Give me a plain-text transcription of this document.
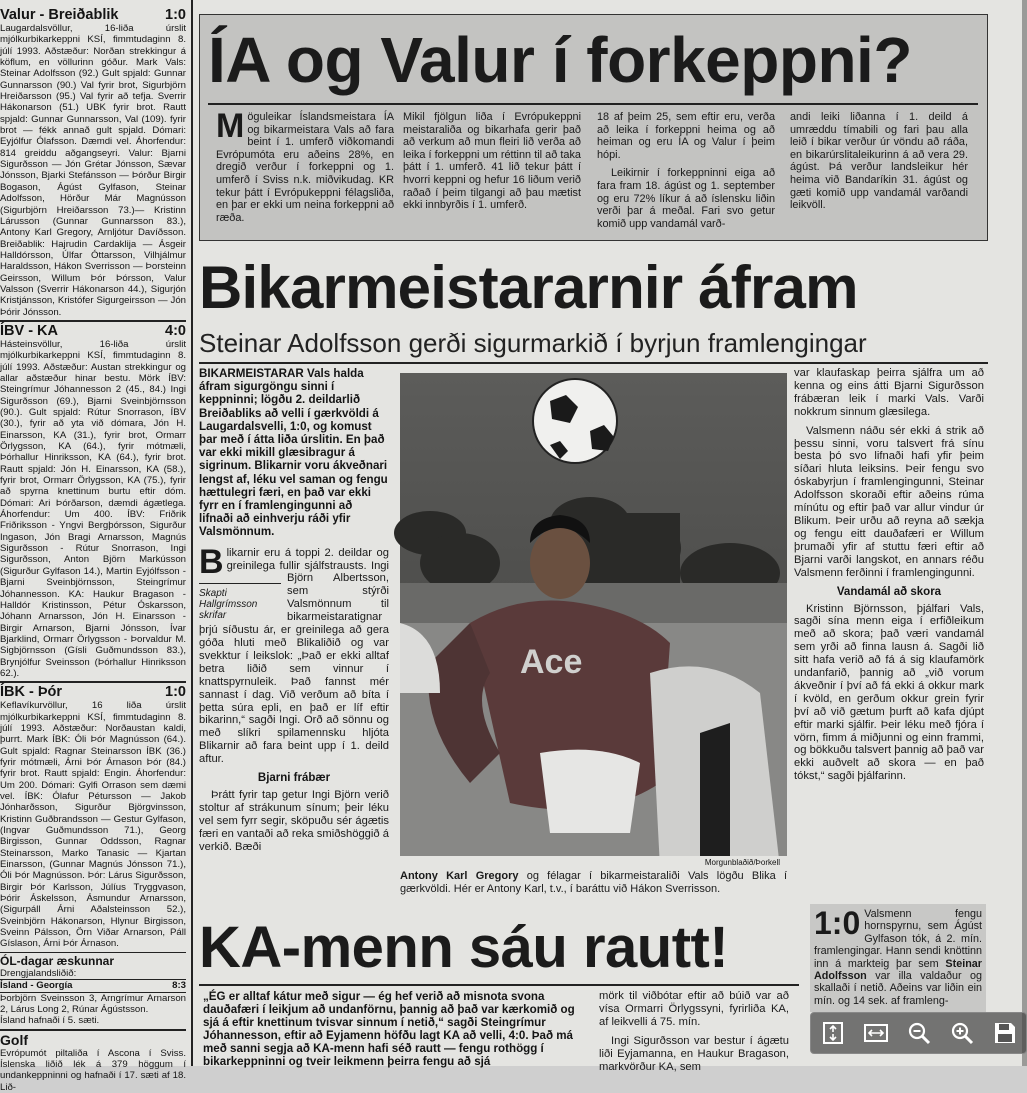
Valur - Breiðablik	1:0
Laugardalsvöllur, 16-liða úrslit mjólkurbikarkeppni KSÍ, fimmtudaginn 8. júlí 1993. Aðstæður: Norðan strekkingur á köflum, en völlurinn góður. Mark Vals: Steinar Adolfsson (92.) Gult spjald: Gunnar Gunnarsson (90.) Val fyrir brot, Sigurbjörn Hreiðarsson (95.) Val fyrir að tefja. Sverrir Hákonarson (51.) UBK fyrir brot. Rautt spjald: Gunnar Gunnarsson, Val (109). fyrir brot — fékk annað gult spjald. Dómari: Eyjólfur Ólafsson. Dæmdi vel. Áhorfendur: 814 greiddu aðgangseyri. Valur: Bjarni Sigurðsson — Jón Grétar Jónsson, Sævar Jónsson, Bjarki Stefánsson — Þórður Birgir Bogason, Ágúst Gylfason, Steinar Adolfsson, Hörður Már Magnússon (Sigurbjörn Hreiðarsson 73.)— Kristinn Lárusson (Gunnar Gunnarsson 83.), Antony Karl Gregory, Arnljótur Davíðsson. Breiðablik: Hajrudin Cardaklija — Ásgeir Halldórsson, Úlfar Óttarsson, Vilhjálmur Haraldsson, Hákon Sverrisson — Þorsteinn Geirsson, Willum Þór Þórsson, Valur Valsson (Sverrir Hákonarson 44.), Sigurjón Kristjánsson, Kristófer Sigurgeirsson — Jón Þórir Jónsson.
ÍBV - KA	4:0
Hásteinsvöllur, 16-liða úrslit mjólkurbikarkeppni KSÍ, fimmtudaginn 8. júlí 1993. Aðstæður: Austan strekkingur og allar aðstæður hinar bestu. Mörk ÍBV: Steingrímur Jóhannesson 2 (45., 84.) Ingi Sigurðsson (69.), Bjarni Sveinbjörnsson (90.). Gult spjald: Rútur Snorrason, ÍBV (30.), fyrir að yta við dómara, Jón H. Einarsson, KA (31.), fyrir brot, Ormarr Örlygsson, KA (64.), fyrir mótmæli, Þórhallur Hinriksson, KA (64.), fyrir brot. Rautt spjald: Jón H. Einarsson, KA (58.), fyrir brot, Ormarr Örlygsson, KA (75.), fyrir að spyrna knettinum burtu eftir dóm. Dómari: Ari Þórðarson, dæmdi ágætlega. Áhorfendur: Um 400. ÍBV: Friðrik Friðriksson - Yngvi Bergþórsson, Sigurður Ingason, Jón Bragi Arnarsson, Magnús Sigurðsson - Rútur Snorrason, Ingi Sigurðsson, Anton Björn Markússon (Sigurður Gylfason 14.), Martin Eyjólfsson - Bjarni Sveinbjörnsson, Steingrímur Jóhannesson. KA: Haukur Bragason - Halldór Kristinsson, Pétur Óskarsson, Jóhann Arnarsson, Jón H. Einarsson - Birgir Arnarson, Bjarni Jónsson, Ívar Bjarklind, Ormarr Örlygsson - Þorvaldur M. Sigbjörnsson (Gísli Guðmundsson 83.), Brynjólfur Sveinsson (Þórhallur Hinriksson 62.).
ÍBK - Þór	1:0
Keflavíkurvöllur, 16 liða úrslit mjólkurbikarkeppni KSÍ, fimmtudaginn 8. júlí 1993. Aðstæður: Norðaustan kaldi, þurrt. Mark ÍBK: Óli Þór Magnússon (64.). Gult spjald: Ragnar Steinarsson ÍBK (36.) fyrir mótmæli, Árni Þór Árnason Þór (84.) fyrir brot. Rautt spjald: Engin. Áhorfendur: Um 200. Dómari: Gylfi Orrason sem dæmi vel. ÍBK: Ólafur Pétursson — Jakob Jónharðsson, Sigurður Björgvinsson, Kristinn Guðbrandsson — Gestur Gylfason, (Ingvar Guðmundsson 71.), Georg Birgisson, Gunnar Oddsson, Ragnar Steinarsson, Marko Tanasic — Kjartan Einarsson, (Gunnar Magnús Jónsson 71.), Óli Þór Magnússon. Þór: Lárus Sigurðsson, Birgir Þór Karlsson, Júlíus Tryggvason, Þórir Áskelsson, Ásmundur Arnarsson, (Sigurpáll Árni Aðalsteinsson 52.), Sveinbjörn Hákonarson, Hlynur Birgisson, Sveinn Pálsson, Örn Viðar Arnarson, Páll Gíslason, Árni Þór Árnason.
ÓL-dagar æskunnar
Drengjalandsliðið:
Ísland - Georgía	8:3
Þorbjörn Sveinsson 3, Arngrímur Arnarson 2, Lárus Long 2, Rúnar Ágústsson.
Ísland hafnaði í 5. sæti.
Golf
Evrópumót piltaliða í Ascona í Sviss. Íslenska liðið lék á 379 höggum í undankeppninni og hafnaði í 17. sæti af 18. Lið-
ÍA og Valur í forkeppni?
Möguleikar Íslandsmeistara ÍA og bikarmeistara Vals að fara beint í 1. umferð viðkomandi Evrópumóta eru aðeins 28%, en dregið verður í forkeppni og 1. umferð í Sviss n.k. miðvikudag. KR tekur þátt í Evrópukeppni félagsliða, en þar er ekki um neina forkeppni að ræða.
Mikil fjölgun liða í Evrópukeppni meistaraliða og bikarhafa gerir það að verkum að mun fleiri lið verða að leika í forkeppni um réttinn til að taka þátt í 1. umferð. 41 lið tekur þátt í hvorri keppni og hefur 16 liðum verið raðað í þeim tilgangi að þau mætist ekki innbyrðis í 1. umferð.

18 af þeim 25, sem eftir eru, verða að leika í forkeppni heima og að heiman og eru ÍA og Valur í þeim hópi.

Leikirnir í forkeppninni eiga að fara fram 18. ágúst og 1. september og eru 72% líkur á að íslensku liðin verði þar á meðal. Fari svo getur komið upp vandamál varð-

andi leiki liðanna í 1. deild á umræddu tímabili og fari þau alla leið í bikar verður úr vöndu að ráða, en bikarúrslitaleikurinn á að vera 29. ágúst. Þá verður landsleikur hér heima við Bandaríkin 31. ágúst og gæti komið upp vandamál varðandi leikvöll.
Bikarmeistararnir áfram
Steinar Adolfsson gerði sigurmarkið í byrjun framlengingar
BIKARMEISTARAR Vals halda áfram sigurgöngu sinni í keppninni; lögðu 2. deildarlið Breiðabliks að velli í gærkvöldi á Laugardalsvelli, 1:0, og komust þar með í átta liða úrslitin. En það var ekki mikill glæsibragur á sigrinum. Blikarnir voru ákveðnari lengst af, léku vel saman og fengu hættulegri færi, en það var ekki fyrr en í framlengingunni að lifnaði að einhverju ráði yfir Valsmönnum.
B
Skapti
Hallgrímsson
skrifar
likarnir eru á toppi 2. deildar og greinilega fullir sjálfstrausts. Ingi Björn Albertsson, sem stýrði Valsmönnum til bikarmeistaratignar þrjú síðustu ár, er greinilega að gera góða hluti með Blikaliðið og var svekktur í leikslok: „Það er ekki alltaf betra liðið sem vinnur í knattspyrnuleik. Það fannst mér sannast í dag. Við verðum að bíta í þetta súra epli, en það er líf eftir bikarinn,“ sagði Ingi. Orð að sönnu og með slíkri spilamennsku hljóta Blikarnir að fara beint upp í 1. deild aftur.
Bjarni frábær
Þrátt fyrir tap getur Ingi Björn verið stoltur af strákunum sínum; þeir léku vel sem fyrr segir, sköpuðu sér ágætis færi en vantaði að reka smiðshöggið á verkið. Bæði
Ace
Morgunblaðið/Þorkell
Antony Karl Gregory og félagar í bikarmeistaraliði Vals lögðu Blika í gærkvöldi. Hér er Antony Karl, t.v., í baráttu við Hákon Sverrisson.
var klaufaskap þeirra sjálfra um að kenna og eins átti Bjarni Sigurðsson frábæran leik í marki Vals. Varði nokkrum sinnum glæsilega.
Valsmenn náðu sér ekki á strik að þessu sinni, voru talsvert frá sínu besta þó svo lifnaði hafi yfir þeim síðari hluta leiksins. Þeir fengu svo óskabyrjun í framlengingunni, Steinar Adolfsson skoraði eftir aðeins rúma mínútu og eftir það var allur vindur úr Blikum. Þeir urðu að reyna að sækja og fengu eitt dauðafæri er Willum þrumaði yfir af stuttu færi eftir að Bjarni varði langskot, en annars réðu Valsmenn ferðinni í framlengingunni.
Vandamál að skora
Kristinn Björnsson, þjálfari Vals, sagði sína menn eiga í erfiðleikum með að skora; það væri vandamál sem yrði að finna lausn á. Sagði lið sitt hafa verið að fá á sig klaufamörk undanfarið, þannig að „við vorum ákveðnir í því að fá ekki á okkur mark í kvöld, en gerðum okkur grein fyrir því að við gætum þurft að kafa djúpt eftir marki sjálfir. Þeir léku með fjóra í vörn, fimm á miðjunni og einn frammi, og bökkuðu talsvert þannig að það var ekki auðvelt að skora — en það tókst,“ sagði þjálfarinn.
1:0 Valsmenn fengu hornspyrnu, sem Ágúst Gylfason tók, á 2. mín. framlengingar. Hann sendi knöttinn inn á markteig þar sem Steinar Adolfsson var illa valdaður og skallaði í netið. Aðeins var liðin ein mín. og 14 sek. af framleng-
KA-menn sáu rautt!
„ÉG er alltaf kátur með sigur — ég hef verið að misnota svona dauðafæri í leikjum að undanförnu, þannig að það var kærkomið og sjá á eftir knettinum tvisvar sinnum í netið,“ sagði Steingrímur Jóhannesson, eftir að Eyjamenn höfðu lagt KA að velli, 4:0. Það má með sanni segja að KA-menn hafi séð rautt — fengu rothögg í bikarkeppninni og tveir leikmenn þeirra fengu að sjá

mörk til viðbótar eftir að búið var að vísa Ormarri Örlygssyni, fyrirliða KA, af leikvelli á 75. mín.

Ingi Sigurðsson var bestur í ágætu liði Eyjamanna, en Haukur Bragason, markvörður KA, sem
